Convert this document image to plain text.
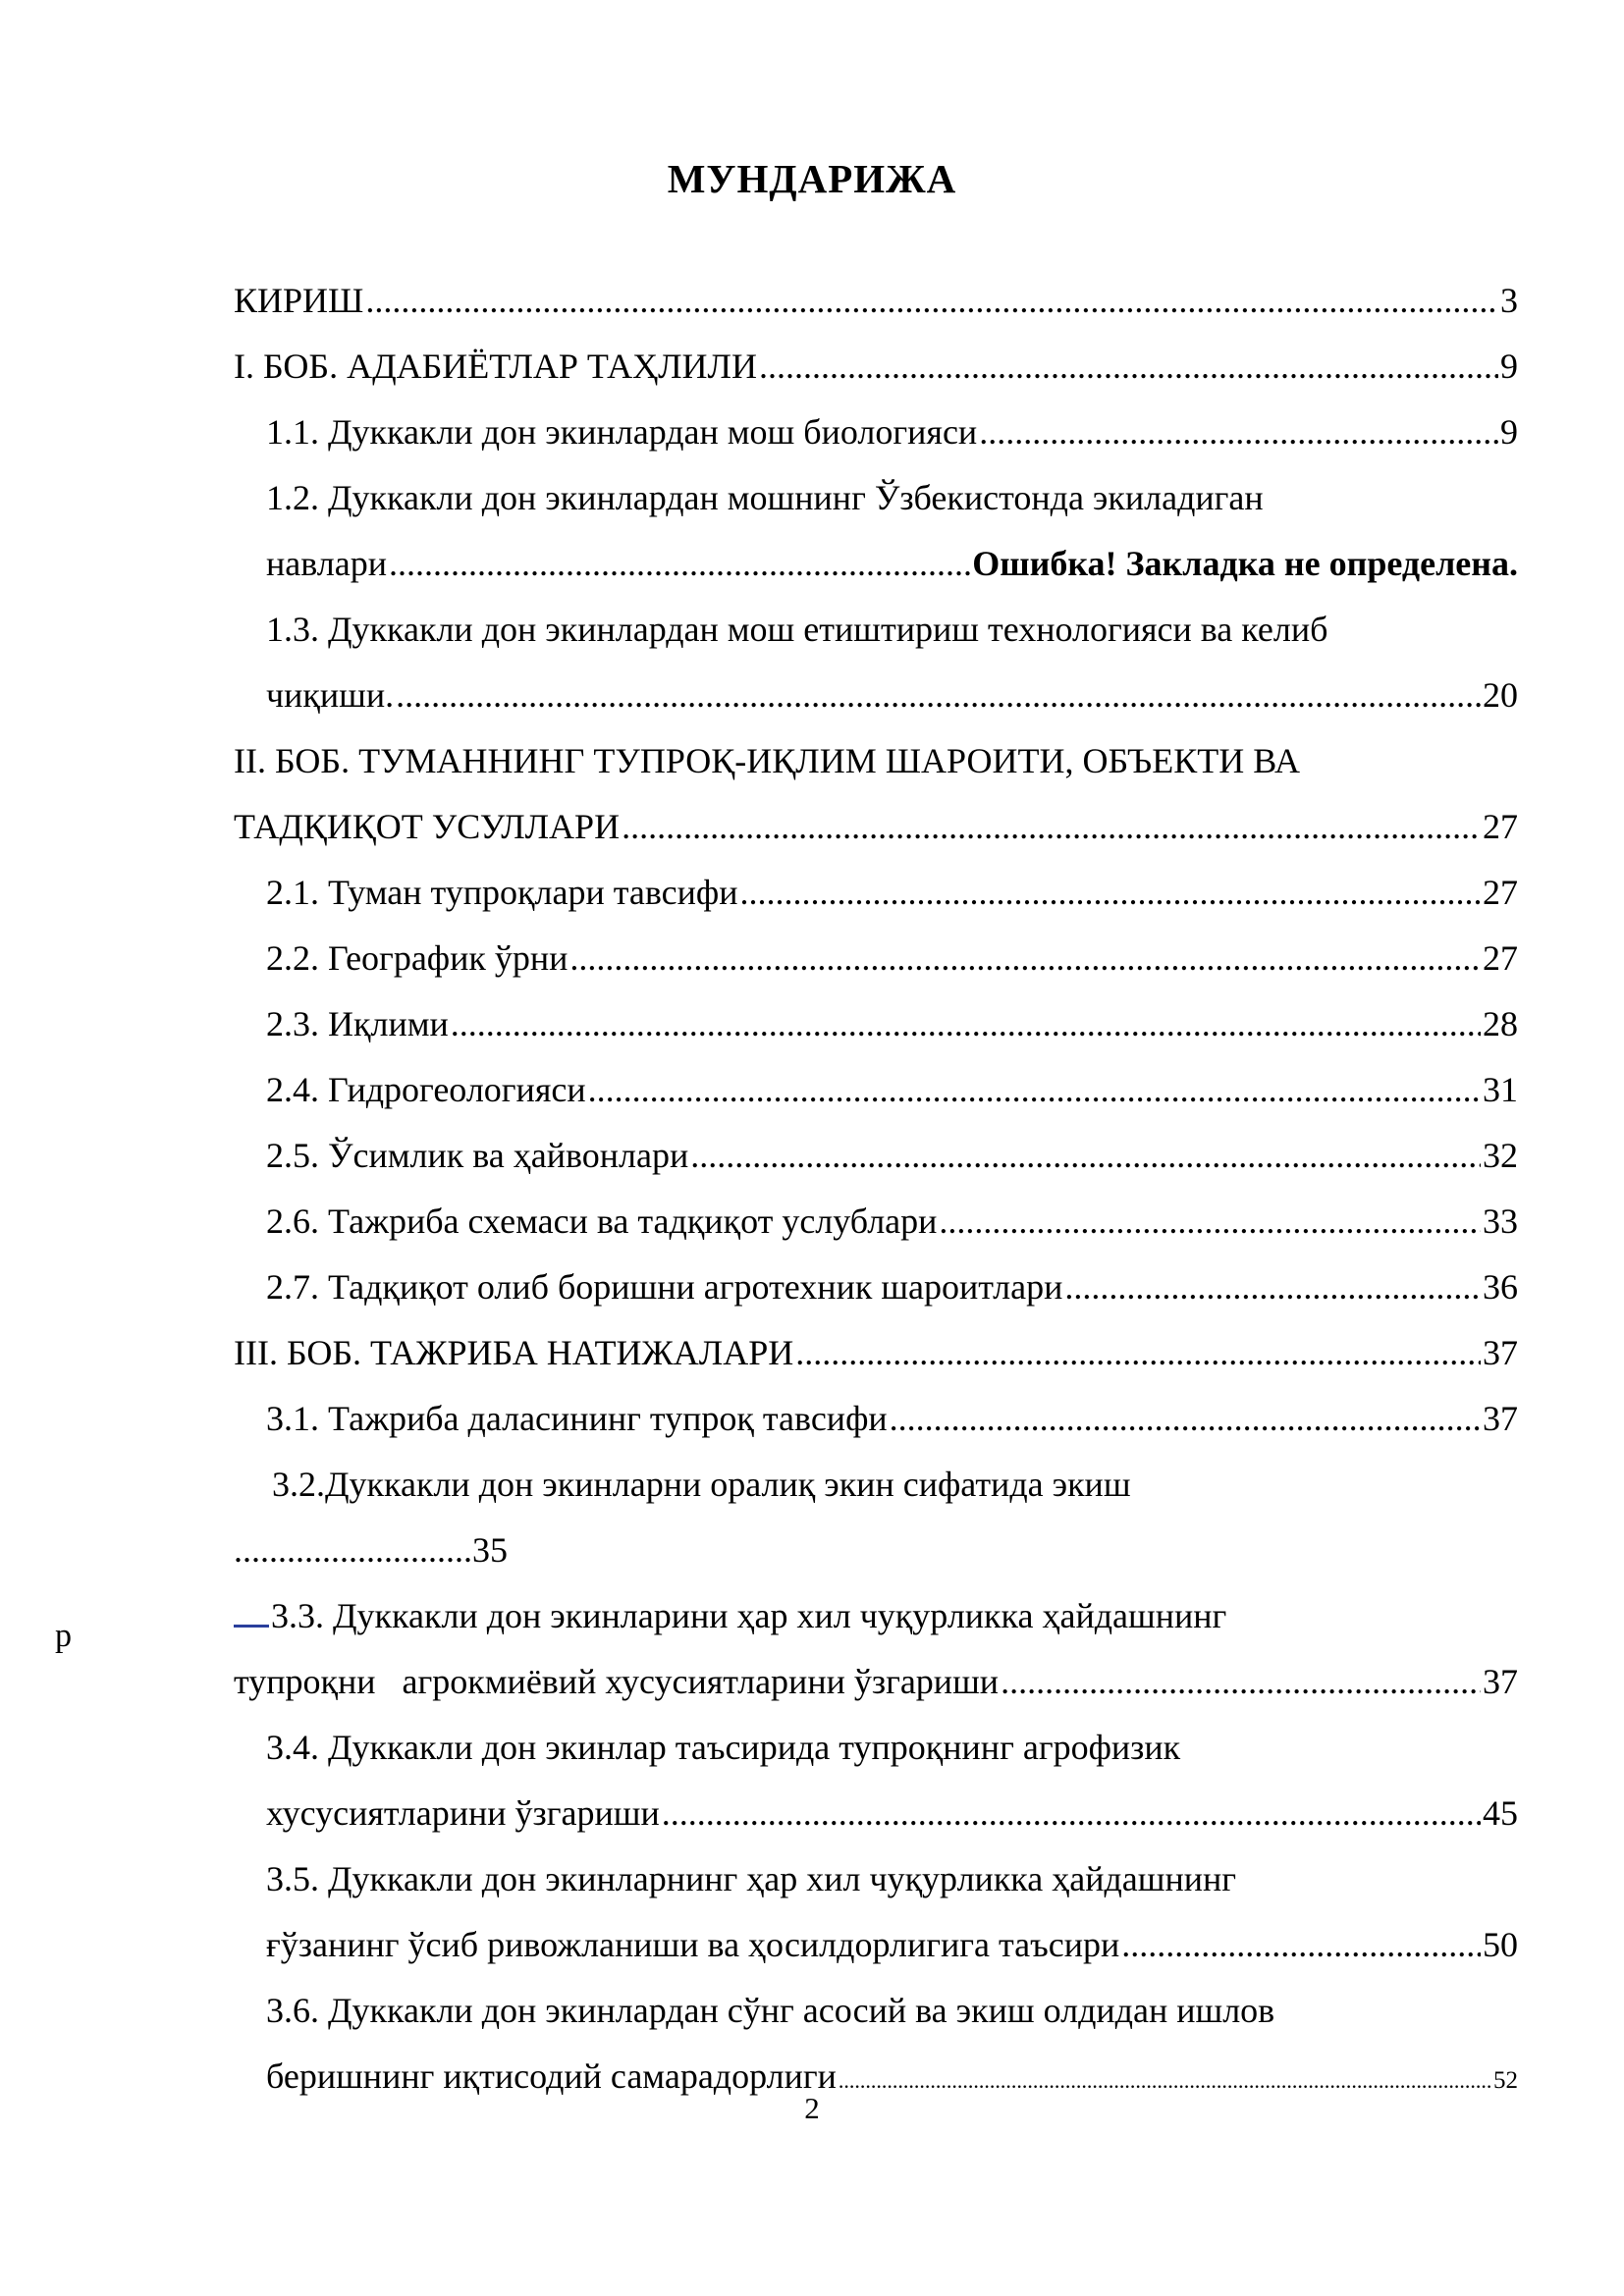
МУНДАРИЖА
КИРИШ .....	3
I. БОБ. АДАБИЁТЛАР ТАҲЛИЛИ .....	9
1.1. Дуккакли дон экинлардан мош биологияси .....	9
1.2. Дуккакли дон экинлардан мошнинг Ўзбекистонда экиладиган
навлари .....	Ошибка! Закладка не определена.
1.3. Дуккакли дон экинлардан мош етиштириш технологияси ва келиб
чиқиши. .....	20
II. БОБ. ТУМАННИНГ ТУПРОҚ-ИҚЛИМ ШАРОИТИ, ОБЪЕКТИ ВА
ТАДҚИҚОТ УСУЛЛАРИ .....	27
2.1. Туман тупроқлари тавсифи .....	27
2.2. Географик ўрни .....	27
2.3. Иқлими .....	28
2.4. Гидрогеологияси .....	31
2.5. Ўсимлик ва ҳайвонлари .....	32
2.6. Тажриба схемаси ва тадқиқот услублари .....	33
2.7. Тадқиқот олиб боришни агротехник шароитлари .....	36
III. БОБ. ТАЖРИБА НАТИЖАЛАРИ .....	37
3.1. Тажриба даласининг тупроқ тавсифи .....	37
3.2.Дуккакли дон экинларни оралиқ экин сифатида экиш
...........................35
3.3. Дуккакли дон экинларини ҳар хил чуқурликка ҳайдашнинг
тупроқни   агрокмиёвий хусусиятларини ўзгариши .....	37
3.4. Дуккакли дон экинлар таъсирида тупроқнинг агрофизик
хусусиятларини ўзгариши .....	45
3.5. Дуккакли дон экинларнинг ҳар хил чуқурликка ҳайдашнинг
ғўзанинг ўсиб ривожланиши ва ҳосилдорлигига таъсири .....	50
3.6. Дуккакли дон экинлардан сўнг асосий ва экиш олдидан ишлов
беришнинг иқтисодий самарадорлиги .....	52
р
2
